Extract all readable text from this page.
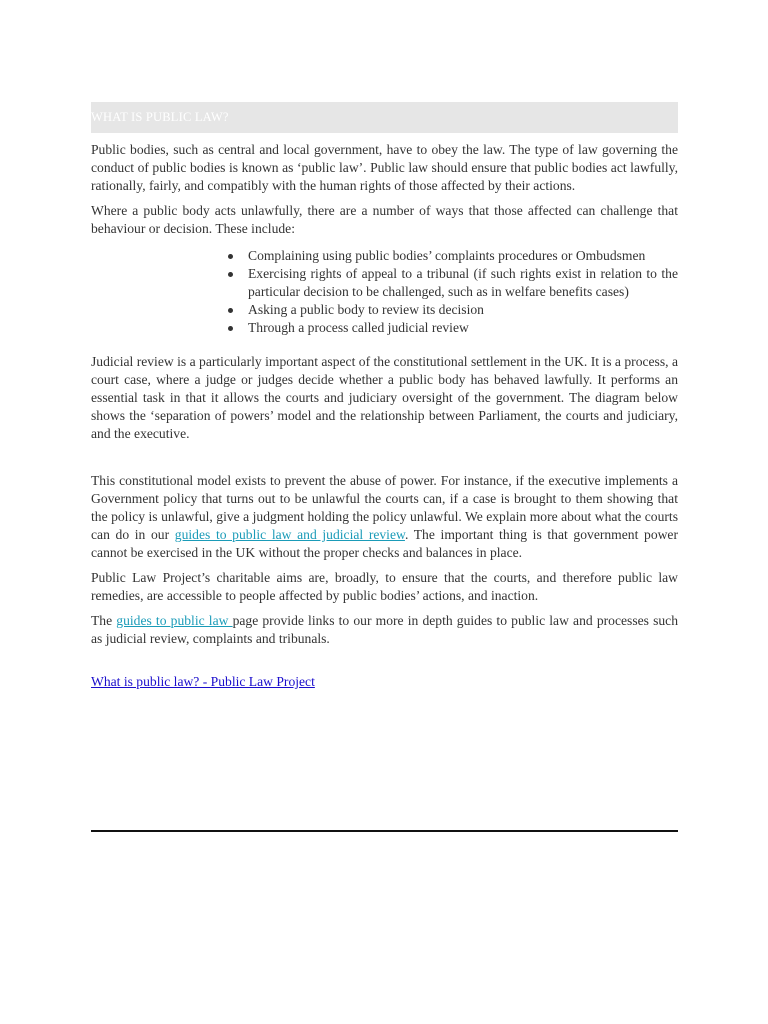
WHAT IS PUBLIC LAW?

Public bodies, such as central and local government, have to obey the law. The type of law governing the conduct of public bodies is known as ‘public law’. Public law should ensure that public bodies act lawfully, rationally, fairly, and compatibly with the human rights of those affected by their actions.

Where a public body acts unlawfully, there are a number of ways that those affected can challenge that behaviour or decision. These include:

Complaining using public bodies’ complaints procedures or Ombudsmen
Exercising rights of appeal to a tribunal (if such rights exist in relation to the particular decision to be challenged, such as in welfare benefits cases)
Asking a public body to review its decision
Through a process called judicial review

Judicial review is a particularly important aspect of the constitutional settlement in the UK. It is a process, a court case, where a judge or judges decide whether a public body has behaved lawfully. It performs an essential task in that it allows the courts and judiciary oversight of the government. The diagram below shows the ‘separation of powers’ model and the relationship between Parliament, the courts and judiciary, and the executive.

This constitutional model exists to prevent the abuse of power. For instance, if the executive implements a Government policy that turns out to be unlawful the courts can, if a case is brought to them showing that the policy is unlawful, give a judgment holding the policy unlawful. We explain more about what the courts can do in our guides to public law and judicial review. The important thing is that government power cannot be exercised in the UK without the proper checks and balances in place.

Public Law Project’s charitable aims are, broadly, to ensure that the courts, and therefore public law remedies, are accessible to people affected by public bodies’ actions, and inaction.

The guides to public law page provide links to our more in depth guides to public law and processes such as judicial review, complaints and tribunals.

What is public law? - Public Law Project
